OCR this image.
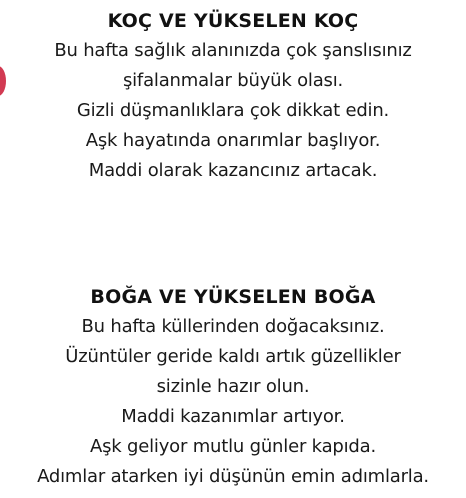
KOÇ VE YÜKSELEN KOÇ

Bu hafta sağlık alanınızda çok şanslısınız

şifalanmalar büyük olası.

Gizli düşmanlıklara çok dikkat edin.

Aşk hayatında onarımlar başlıyor.

Maddi olarak kazancınız artacak.

BOĞA VE YÜKSELEN BOĞA

Bu hafta küllerinden doğacaksınız.

Üzüntüler geride kaldı artık güzellikler

sizinle hazır olun.

Maddi kazanımlar artıyor.

Aşk geliyor mutlu günler kapıda.

Adımlar atarken iyi düşünün emin adımlarla.
